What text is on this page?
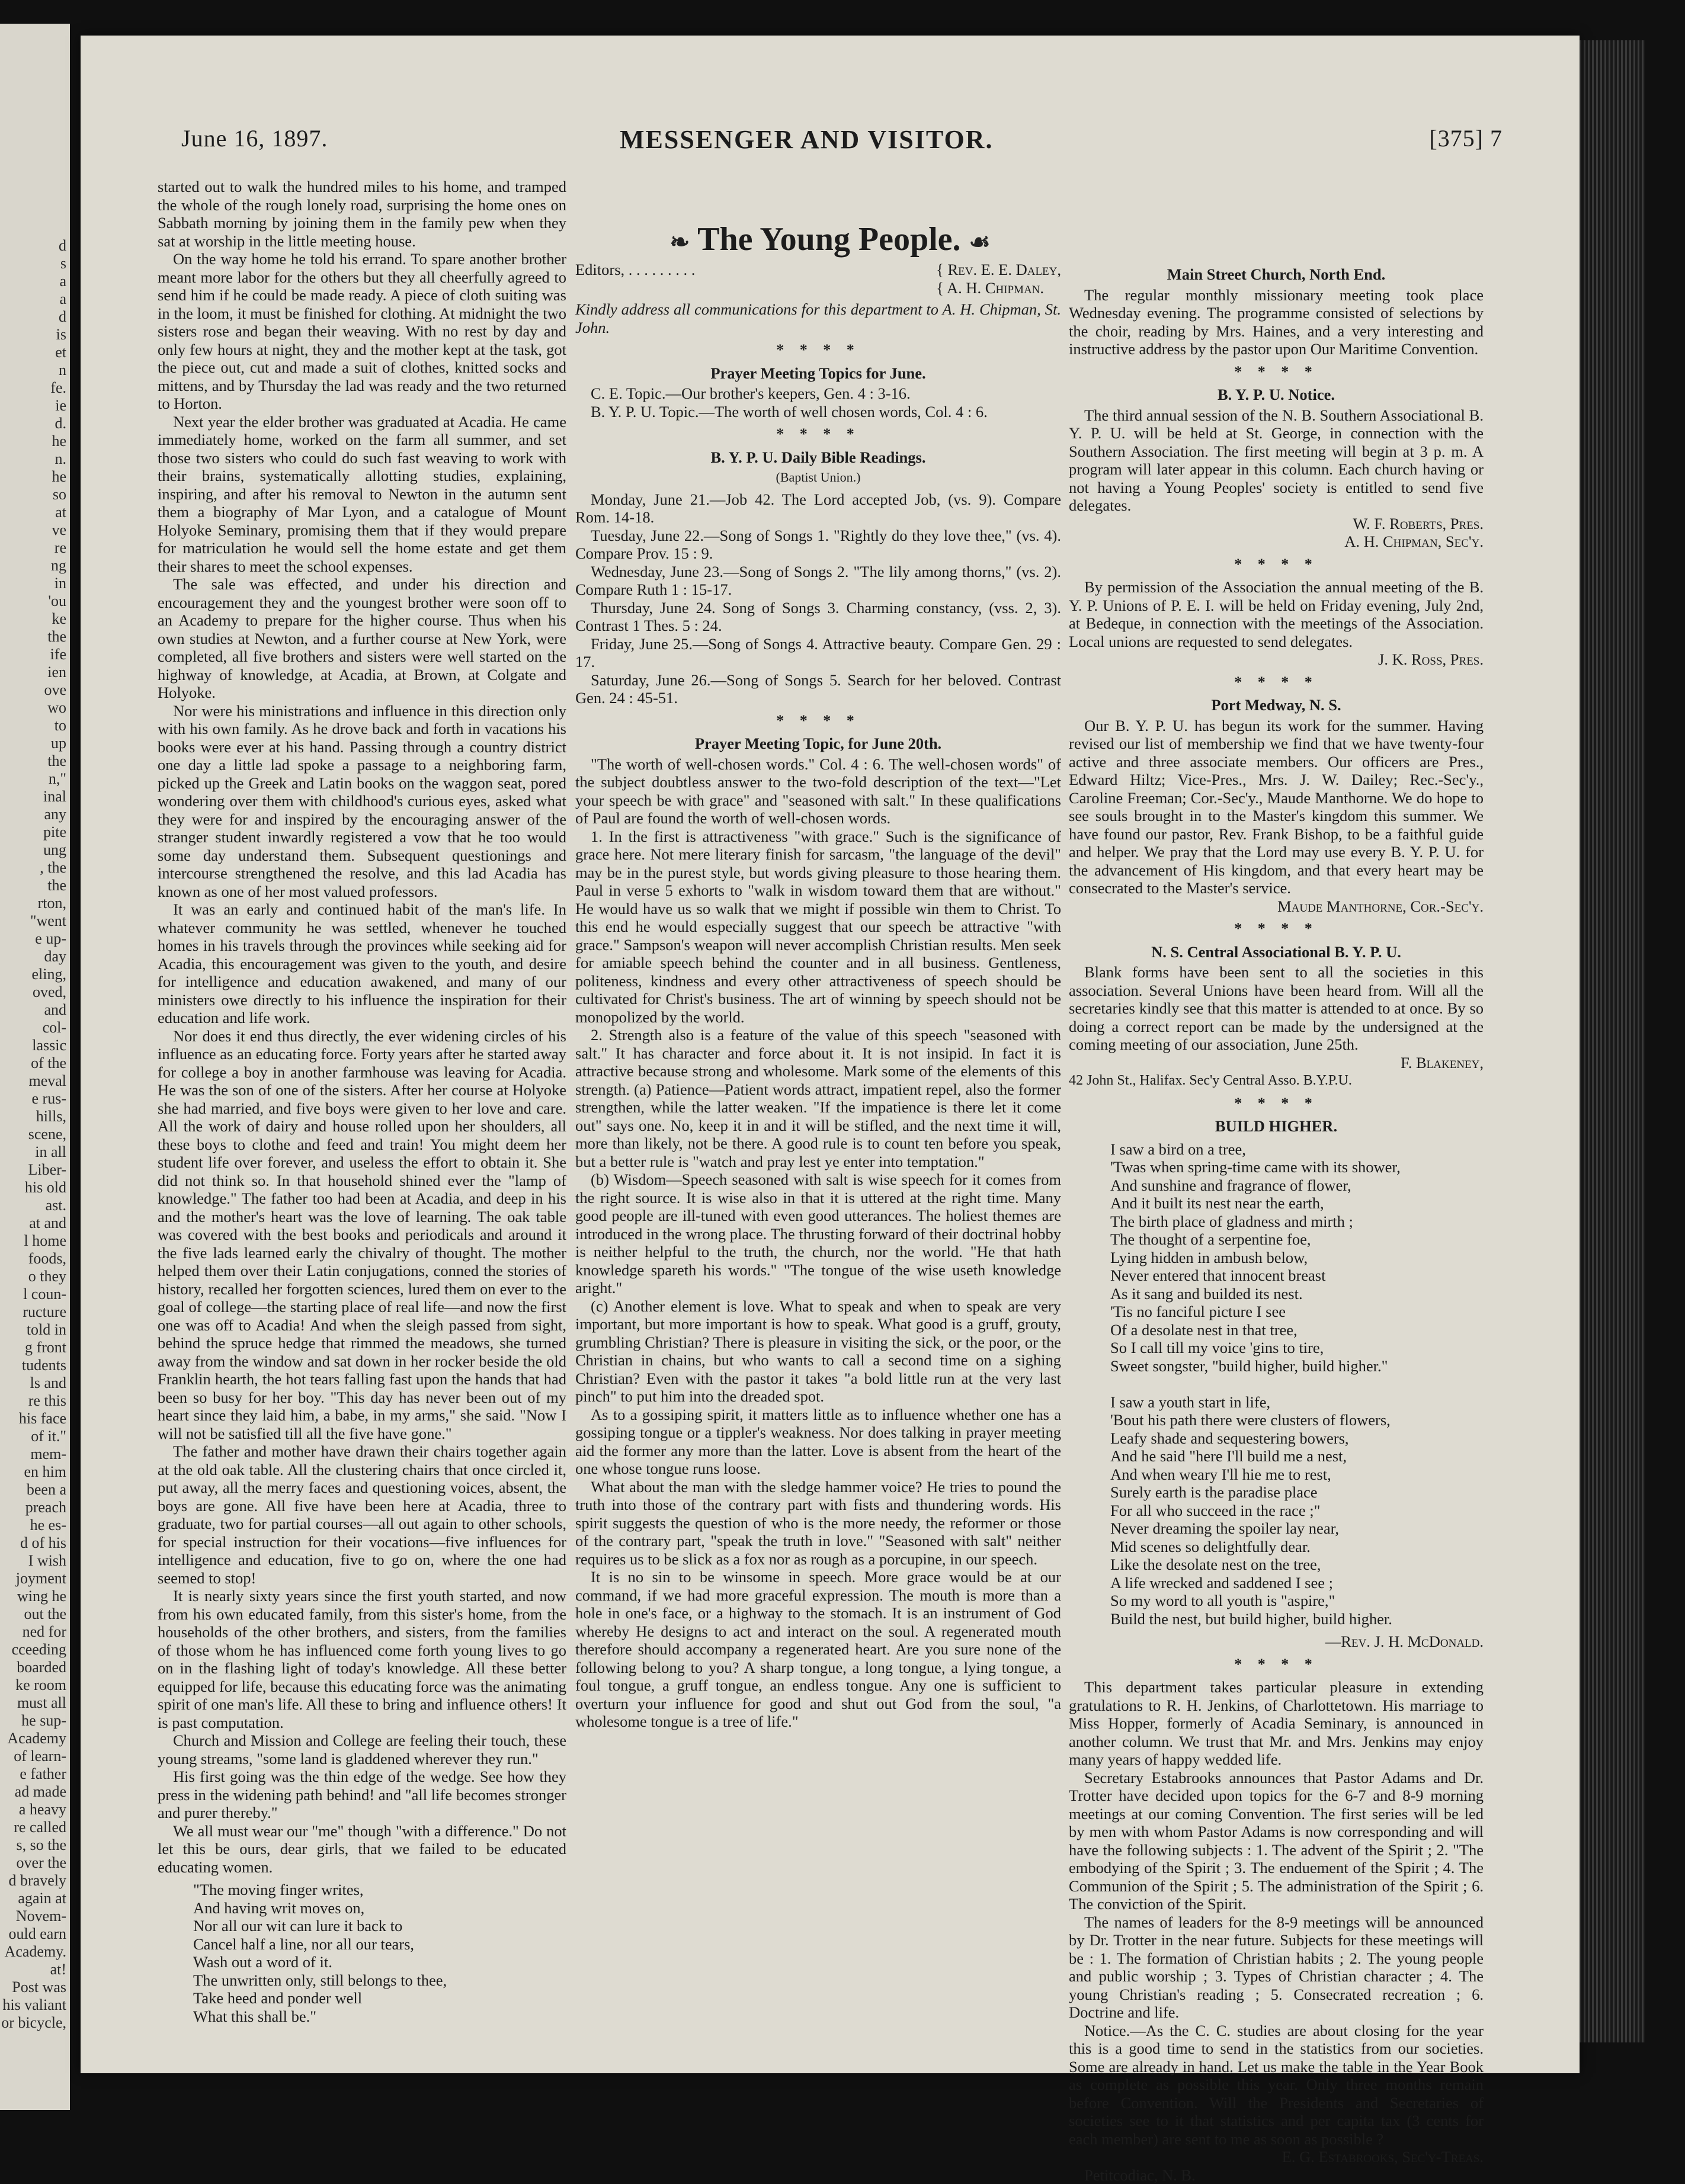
d
s
a
a
d
is
et
n
fe.
ie
d.
he
n.
he
so
at
ve
re
ng
in
'ou
ke
the
ife
ien
ove
wo
to
up
the
n,"
inal
any
pite
ung
, the
the
rton,
"went
e up-
day
eling,
oved,
and
col-
lassic
of the
meval
e rus-
hills,
scene,
in all
Liber-
his old
ast.
at and
l home
foods,
o they
l coun-
ructure
told in
g front
tudents
ls and
re this
his face
of it."
mem-
en him
been a
preach
he es-
d of his
I wish
joyment
wing he
out the
ned for
cceeding
boarded
ke room
must all
he sup-
Academy
of learn-
e father
ad made
a heavy
re called
s, so the
over the
d bravely
again at
Novem-
ould earn
Academy.
at!
Post was
his valiant
or bicycle,
June 16, 1897.	MESSENGER AND VISITOR.	[375] 7
❧ The Young People. ☙

started out to walk the hundred miles to his home, and tramped the whole of the rough lonely road, surprising the home ones on Sabbath morning by joining them in the family pew when they sat at worship in the little meeting house.

On the way home he told his errand. To spare another brother meant more labor for the others but they all cheerfully agreed to send him if he could be made ready. A piece of cloth suiting was in the loom, it must be finished for clothing. At midnight the two sisters rose and began their weaving. With no rest by day and only few hours at night, they and the mother kept at the task, got the piece out, cut and made a suit of clothes, knitted socks and mittens, and by Thursday the lad was ready and the two returned to Horton.

Next year the elder brother was graduated at Acadia. He came immediately home, worked on the farm all summer, and set those two sisters who could do such fast weaving to work with their brains, systematically allotting studies, explaining, inspiring, and after his removal to Newton in the autumn sent them a biography of Mar Lyon, and a catalogue of Mount Holyoke Seminary, promising them that if they would prepare for matriculation he would sell the home estate and get them their shares to meet the school expenses.

The sale was effected, and under his direction and encouragement they and the youngest brother were soon off to an Academy to prepare for the higher course. Thus when his own studies at Newton, and a further course at New York, were completed, all five brothers and sisters were well started on the highway of knowledge, at Acadia, at Brown, at Colgate and Holyoke.

Nor were his ministrations and influence in this direction only with his own family. As he drove back and forth in vacations his books were ever at his hand. Passing through a country district one day a little lad spoke a passage to a neighboring farm, picked up the Greek and Latin books on the waggon seat, pored wondering over them with childhood's curious eyes, asked what they were for and inspired by the encouraging answer of the stranger student inwardly registered a vow that he too would some day understand them. Subsequent questionings and intercourse strengthened the resolve, and this lad Acadia has known as one of her most valued professors.

It was an early and continued habit of the man's life. In whatever community he was settled, whenever he touched homes in his travels through the provinces while seeking aid for Acadia, this encouragement was given to the youth, and desire for intelligence and education awakened, and many of our ministers owe directly to his influence the inspiration for their education and life work.

Nor does it end thus directly, the ever widening circles of his influence as an educating force. Forty years after he started away for college a boy in another farmhouse was leaving for Acadia. He was the son of one of the sisters. After her course at Holyoke she had married, and five boys were given to her love and care. All the work of dairy and house rolled upon her shoulders, all these boys to clothe and feed and train! You might deem her student life over forever, and useless the effort to obtain it. She did not think so. In that household shined ever the "lamp of knowledge." The father too had been at Acadia, and deep in his and the mother's heart was the love of learning. The oak table was covered with the best books and periodicals and around it the five lads learned early the chivalry of thought. The mother helped them over their Latin conjugations, conned the stories of history, recalled her forgotten sciences, lured them on ever to the goal of college—the starting place of real life—and now the first one was off to Acadia! And when the sleigh passed from sight, behind the spruce hedge that rimmed the meadows, she turned away from the window and sat down in her rocker beside the old Franklin hearth, the hot tears falling fast upon the hands that had been so busy for her boy. "This day has never been out of my heart since they laid him, a babe, in my arms," she said. "Now I will not be satisfied till all the five have gone."

The father and mother have drawn their chairs together again at the old oak table. All the clustering chairs that once circled it, put away, all the merry faces and questioning voices, absent, the boys are gone. All five have been here at Acadia, three to graduate, two for partial courses—all out again to other schools, for special instruction for their vocations—five influences for intelligence and education, five to go on, where the one had seemed to stop!

It is nearly sixty years since the first youth started, and now from his own educated family, from this sister's home, from the households of the other brothers, and sisters, from the families of those whom he has influenced come forth young lives to go on in the flashing light of today's knowledge. All these better equipped for life, because this educating force was the animating spirit of one man's life. All these to bring and influence others! It is past computation.

Church and Mission and College are feeling their touch, these young streams, "some land is gladdened wherever they run."

His first going was the thin edge of the wedge. See how they press in the widening path behind! and "all life becomes stronger and purer thereby."

We all must wear our "me" though "with a difference." Do not let this be ours, dear girls, that we failed to be educated educating women.

"The moving finger writes,
And having writ moves on,
Nor all our wit can lure it back to
Cancel half a line, nor all our tears,
Wash out a word of it.
The unwritten only, still belongs to thee,
Take heed and ponder well
What this shall be."
Editors, . . . . . . . . .	{ Rev. E. E. Daley,
{ A. H. Chipman.

Kindly address all communications for this department to A. H. Chipman, St. John.

* * * *
Prayer Meeting Topics for June.

C. E. Topic.—Our brother's keepers, Gen. 4 : 3-16.

B. Y. P. U. Topic.—The worth of well chosen words, Col. 4 : 6.

* * * *
B. Y. P. U. Daily Bible Readings.
(Baptist Union.)

Monday, June 21.—Job 42. The Lord accepted Job, (vs. 9). Compare Rom. 14-18.

Tuesday, June 22.—Song of Songs 1. "Rightly do they love thee," (vs. 4). Compare Prov. 15 : 9.

Wednesday, June 23.—Song of Songs 2. "The lily among thorns," (vs. 2). Compare Ruth 1 : 15-17.

Thursday, June 24. Song of Songs 3. Charming constancy, (vss. 2, 3). Contrast 1 Thes. 5 : 24.

Friday, June 25.—Song of Songs 4. Attractive beauty. Compare Gen. 29 : 17.

Saturday, June 26.—Song of Songs 5. Search for her beloved. Contrast Gen. 24 : 45-51.

* * * *
Prayer Meeting Topic, for June 20th.

"The worth of well-chosen words." Col. 4 : 6. The well-chosen words" of the subject doubtless answer to the two-fold description of the text—"Let your speech be with grace" and "seasoned with salt." In these qualifications of Paul are found the worth of well-chosen words.

1. In the first is attractiveness "with grace." Such is the significance of grace here. Not mere literary finish for sarcasm, "the language of the devil" may be in the purest style, but words giving pleasure to those hearing them. Paul in verse 5 exhorts to "walk in wisdom toward them that are without." He would have us so walk that we might if possible win them to Christ. To this end he would especially suggest that our speech be attractive "with grace." Sampson's weapon will never accomplish Christian results. Men seek for amiable speech behind the counter and in all business. Gentleness, politeness, kindness and every other attractiveness of speech should be cultivated for Christ's business. The art of winning by speech should not be monopolized by the world.

2. Strength also is a feature of the value of this speech "seasoned with salt." It has character and force about it. It is not insipid. In fact it is attractive because strong and wholesome. Mark some of the elements of this strength. (a) Patience—Patient words attract, impatient repel, also the former strengthen, while the latter weaken. "If the impatience is there let it come out" says one. No, keep it in and it will be stifled, and the next time it will, more than likely, not be there. A good rule is to count ten before you speak, but a better rule is "watch and pray lest ye enter into temptation."

(b) Wisdom—Speech seasoned with salt is wise speech for it comes from the right source. It is wise also in that it is uttered at the right time. Many good people are ill-tuned with even good utterances. The holiest themes are introduced in the wrong place. The thrusting forward of their doctrinal hobby is neither helpful to the truth, the church, nor the world. "He that hath knowledge spareth his words." "The tongue of the wise useth knowledge aright."

(c) Another element is love. What to speak and when to speak are very important, but more important is how to speak. What good is a gruff, grouty, grumbling Christian? There is pleasure in visiting the sick, or the poor, or the Christian in chains, but who wants to call a second time on a sighing Christian? Even with the pastor it takes "a bold little run at the very last pinch" to put him into the dreaded spot.

As to a gossiping spirit, it matters little as to influence whether one has a gossiping tongue or a tippler's weakness. Nor does talking in prayer meeting aid the former any more than the latter. Love is absent from the heart of the one whose tongue runs loose.

What about the man with the sledge hammer voice? He tries to pound the truth into those of the contrary part with fists and thundering words. His spirit suggests the question of who is the more needy, the reformer or those of the contrary part, "speak the truth in love." "Seasoned with salt" neither requires us to be slick as a fox nor as rough as a porcupine, in our speech.

It is no sin to be winsome in speech. More grace would be at our command, if we had more graceful expression. The mouth is more than a hole in one's face, or a highway to the stomach. It is an instrument of God whereby He designs to act and interact on the soul. A regenerated mouth therefore should accompany a regenerated heart. Are you sure none of the following belong to you? A sharp tongue, a long tongue, a lying tongue, a foul tongue, a gruff tongue, an endless tongue. Any one is sufficient to overturn your influence for good and shut out God from the soul, "a wholesome tongue is a tree of life."

Main Street Church, North End.

The regular monthly missionary meeting took place Wednesday evening. The programme consisted of selections by the choir, reading by Mrs. Haines, and a very interesting and instructive address by the pastor upon Our Maritime Convention.

* * * *
B. Y. P. U. Notice.

The third annual session of the N. B. Southern Associational B. Y. P. U. will be held at St. George, in connection with the Southern Association. The first meeting will begin at 3 p. m. A program will later appear in this column. Each church having or not having a Young Peoples' society is entitled to send five delegates.

W. F. Roberts, Pres.
A. H. Chipman, Sec'y.
* * * *

By permission of the Association the annual meeting of the B. Y. P. Unions of P. E. I. will be held on Friday evening, July 2nd, at Bedeque, in connection with the meetings of the Association. Local unions are requested to send delegates.

J. K. Ross, Pres.
* * * *
Port Medway, N. S.

Our B. Y. P. U. has begun its work for the summer. Having revised our list of membership we find that we have twenty-four active and three associate members. Our officers are Pres., Edward Hiltz; Vice-Pres., Mrs. J. W. Dailey; Rec.-Sec'y., Caroline Freeman; Cor.-Sec'y., Maude Manthorne. We do hope to see souls brought in to the Master's kingdom this summer. We have found our pastor, Rev. Frank Bishop, to be a faithful guide and helper. We pray that the Lord may use every B. Y. P. U. for the advancement of His kingdom, and that every heart may be consecrated to the Master's service.

Maude Manthorne, Cor.-Sec'y.
* * * *
N. S. Central Associational B. Y. P. U.

Blank forms have been sent to all the societies in this association. Several Unions have been heard from. Will all the secretaries kindly see that this matter is attended to at once. By so doing a correct report can be made by the undersigned at the coming meeting of our association, June 25th.

F. Blakeney,
42 John St., Halifax. Sec'y Central Asso. B.Y.P.U.
* * * *
BUILD HIGHER.
I saw a bird on a tree,
'Twas when spring-time came with its shower,
And sunshine and fragrance of flower,
And it built its nest near the earth,
The birth place of gladness and mirth ;
The thought of a serpentine foe,
Lying hidden in ambush below,
Never entered that innocent breast
As it sang and builded its nest.
'Tis no fanciful picture I see
Of a desolate nest in that tree,
So I call till my voice 'gins to tire,
Sweet songster, "build higher, build higher."

I saw a youth start in life,
'Bout his path there were clusters of flowers,
Leafy shade and sequestering bowers,
And he said "here I'll build me a nest,
And when weary I'll hie me to rest,
Surely earth is the paradise place
For all who succeed in the race ;"
Never dreaming the spoiler lay near,
Mid scenes so delightfully dear.
Like the desolate nest on the tree,
A life wrecked and saddened I see ;
So my word to all youth is "aspire,"
Build the nest, but build higher, build higher.
—Rev. J. H. McDonald.
* * * *

This department takes particular pleasure in extending gratulations to R. H. Jenkins, of Charlottetown. His marriage to Miss Hopper, formerly of Acadia Seminary, is announced in another column. We trust that Mr. and Mrs. Jenkins may enjoy many years of happy wedded life.

Secretary Estabrooks announces that Pastor Adams and Dr. Trotter have decided upon topics for the 6-7 and 8-9 morning meetings at our coming Convention. The first series will be led by men with whom Pastor Adams is now corresponding and will have the following subjects : 1. The advent of the Spirit ; 2. "The embodying of the Spirit ; 3. The enduement of the Spirit ; 4. The Communion of the Spirit ; 5. The administration of the Spirit ; 6. The conviction of the Spirit.

The names of leaders for the 8-9 meetings will be announced by Dr. Trotter in the near future. Subjects for these meetings will be : 1. The formation of Christian habits ; 2. The young people and public worship ; 3. Types of Christian character ; 4. The young Christian's reading ; 5. Consecrated recreation ; 6. Doctrine and life.

Notice.—As the C. C. studies are about closing for the year this is a good time to send in the statistics from our societies. Some are already in hand. Let us make the table in the Year Book as complete as possible this year. Only three months remain before Convention. Will the Presidents and Secretaries of societies see to it that statistics and per capita tax (3 cents for each member) are sent to me as soon as possible ?

E. G. Estabrooks, Sec'y-Treas.

Petitcodiac, N. B.
